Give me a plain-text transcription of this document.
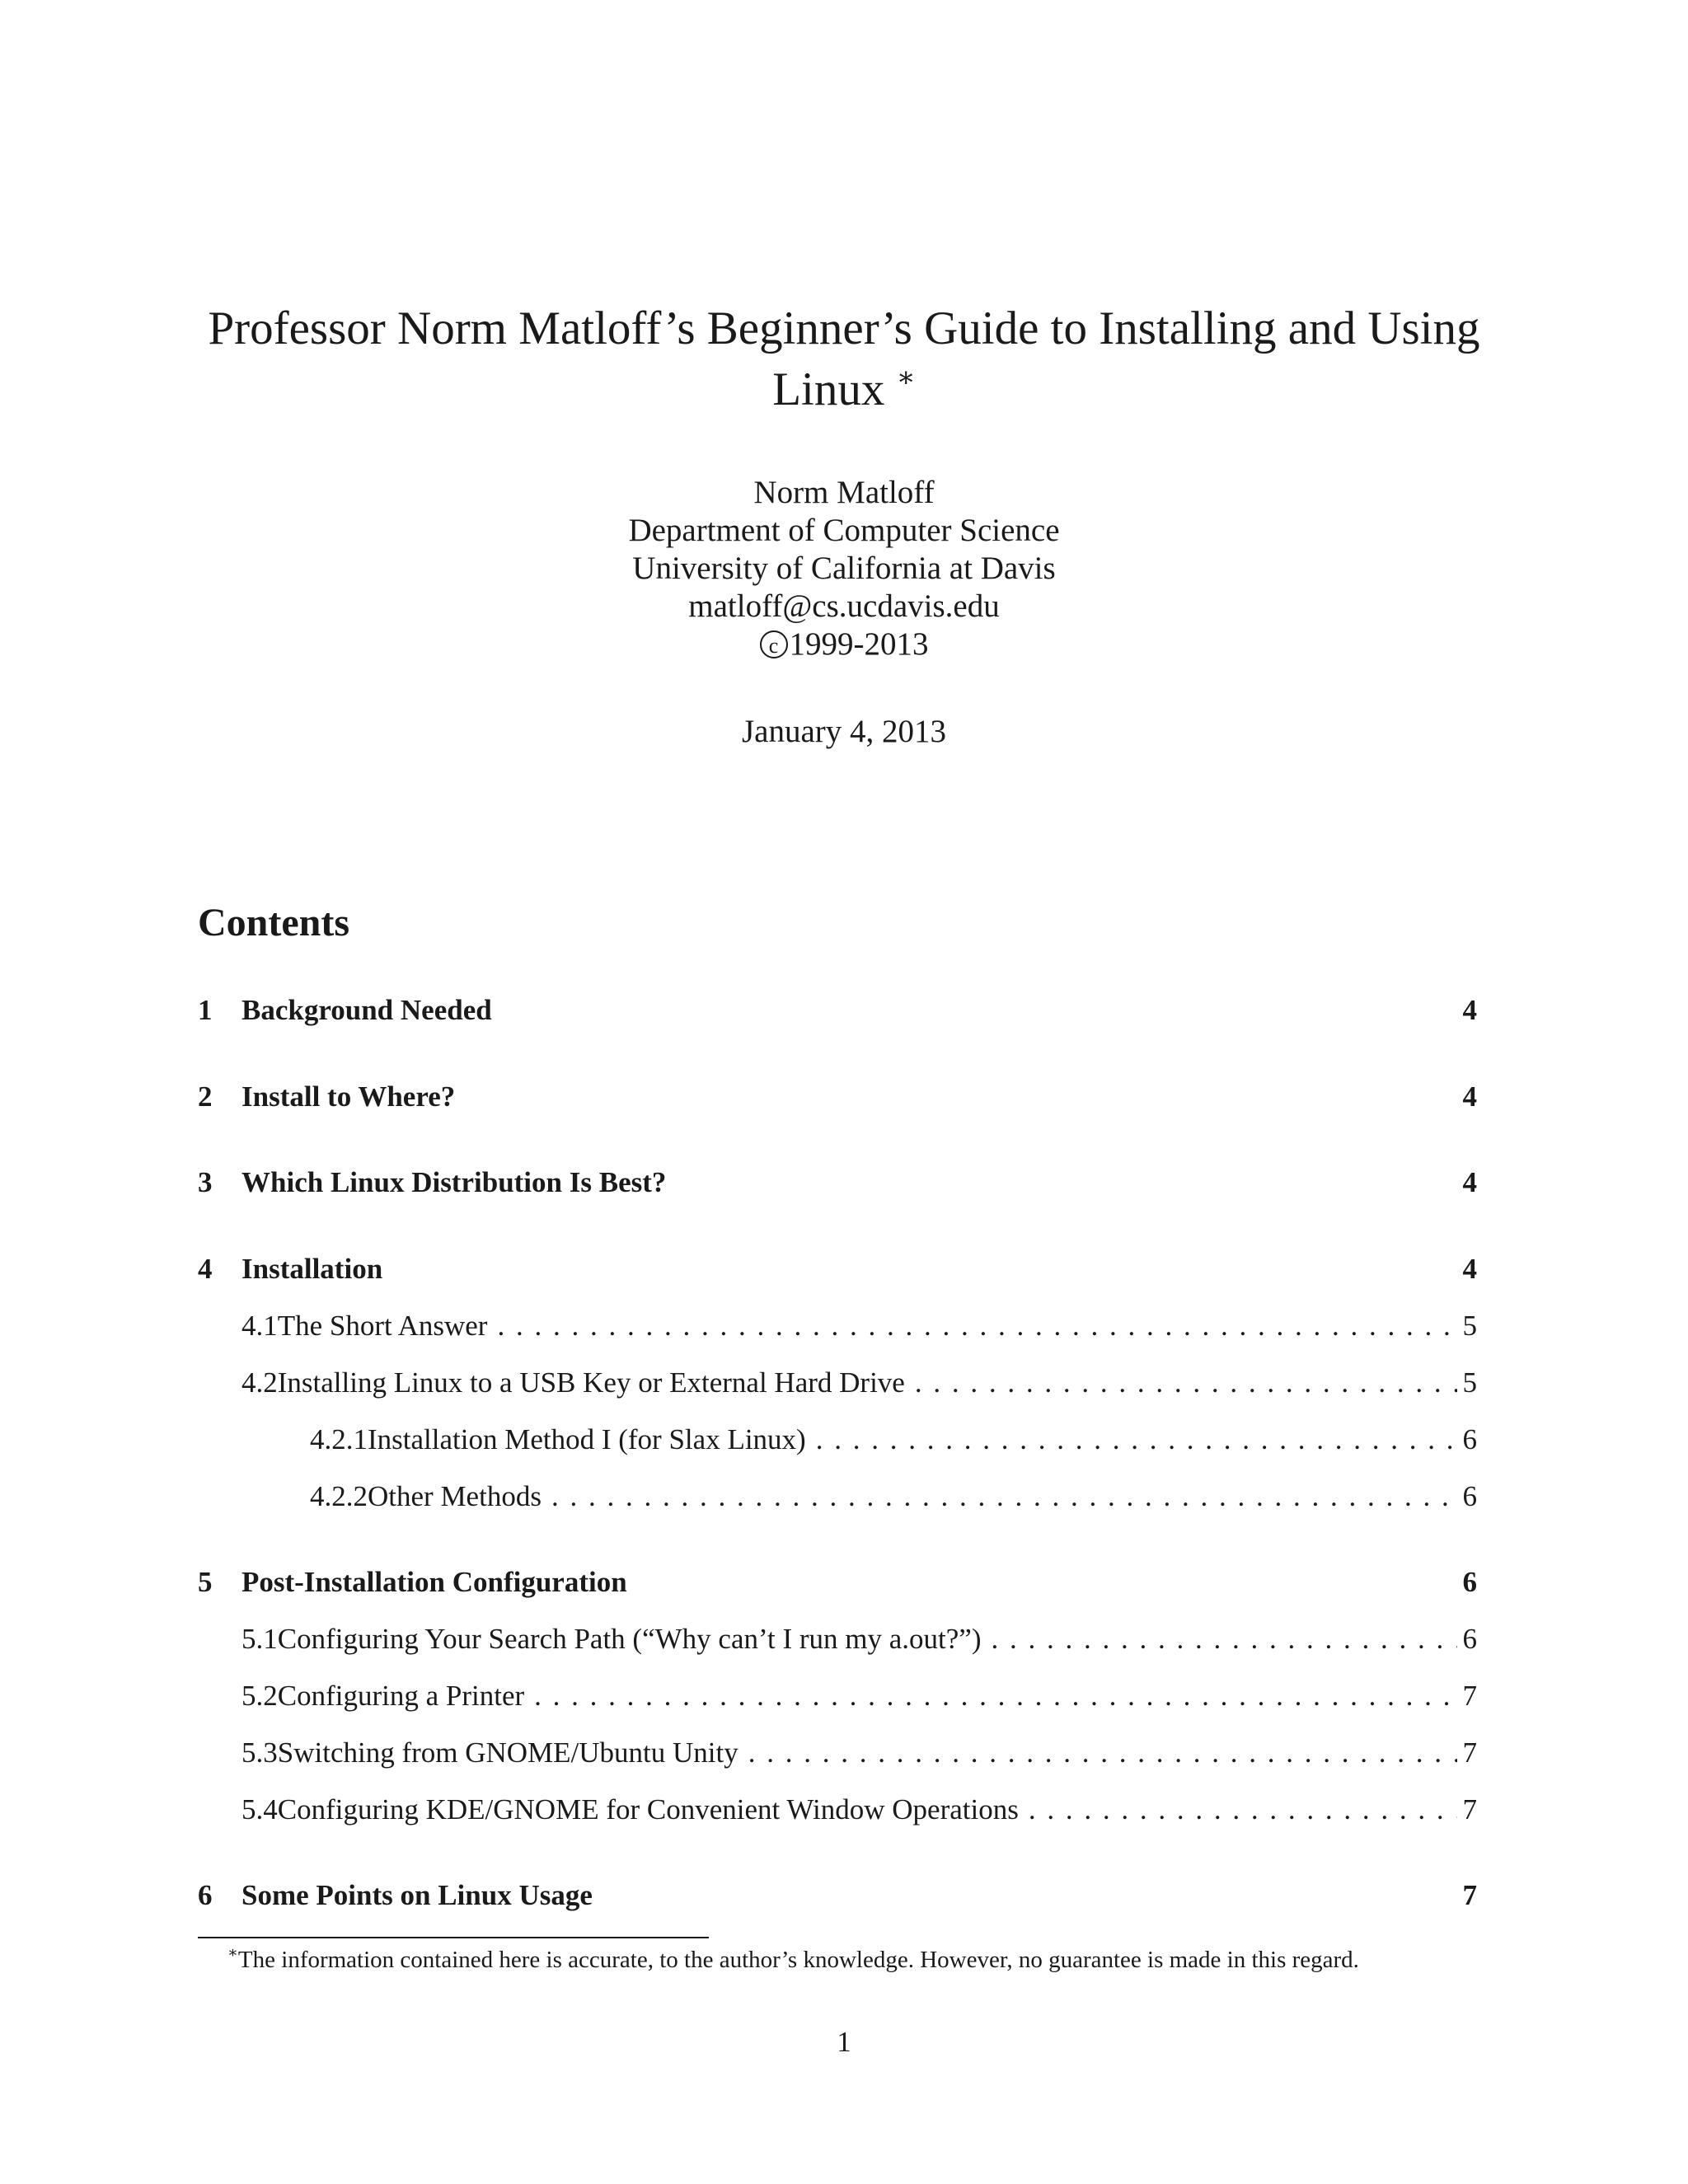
Professor Norm Matloff’s Beginner’s Guide to Installing and Using
Linux ∗
Norm Matloff
Department of Computer Science
University of California at Davis
matloff@cs.ucdavis.edu
c 1999-2013
January 4, 2013
Contents
1	Background Needed	4
2	Install to Where?	4
3	Which Linux Distribution Is Best?	4
4	Installation	4
4.1 The Short Answer . . .	5
4.2 Installing Linux to a USB Key or External Hard Drive . . .	5
4.2.1 Installation Method I (for Slax Linux) . . .	6
4.2.2 Other Methods . . .	6
5	Post-Installation Configuration	6
5.1 Configuring Your Search Path (“Why can’t I run my a.out?”) . . .	6
5.2 Configuring a Printer . . .	7
5.3 Switching from GNOME/Ubuntu Unity . . .	7
5.4 Configuring KDE/GNOME for Convenient Window Operations . . .	7
6	Some Points on Linux Usage	7
∗The information contained here is accurate, to the author’s knowledge. However, no guarantee is made in this regard.
1
